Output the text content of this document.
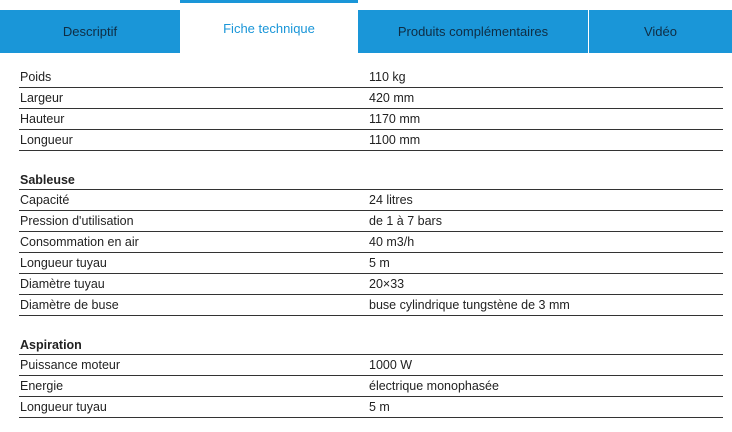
Descriptif	Fiche technique	Produits complémentaires	Vidéo
Poids	110 kg
Largeur	420 mm
Hauteur	1170 mm
Longueur	1100 mm
Sableuse
Capacité	24 litres
Pression d'utilisation	de 1 à 7 bars
Consommation en air	40 m3/h
Longueur tuyau	5 m
Diamètre tuyau	20×33
Diamètre de buse	buse cylindrique tungstène de 3 mm
Aspiration
Puissance moteur	1000 W
Energie	électrique monophasée
Longueur tuyau	5 m
